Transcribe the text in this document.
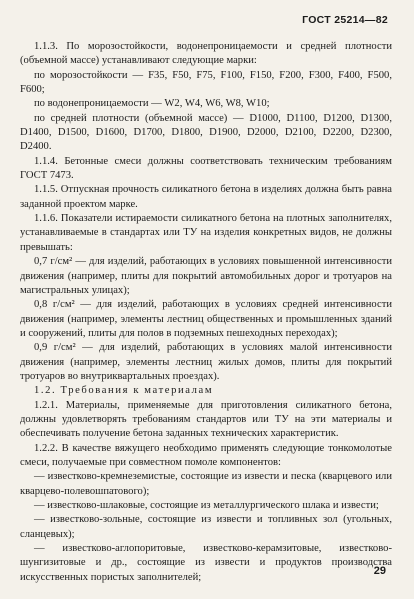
ГОСТ 25214—82

1.1.3. По морозостойкости, водонепроницаемости и средней плотности (объемной массе) устанавливают следующие марки:

по морозостойкости — F35, F50, F75, F100, F150, F200, F300, F400, F500, F600;

по водонепроницаемости — W2, W4, W6, W8, W10;

по средней плотности (объемной массе) — D1000, D1100, D1200, D1300, D1400, D1500, D1600, D1700, D1800, D1900, D2000, D2100, D2200, D2300, D2400.

1.1.4. Бетонные смеси должны соответствовать техническим требованиям ГОСТ 7473.

1.1.5. Отпускная прочность силикатного бетона в изделиях должна быть равна заданной проектом марке.

1.1.6. Показатели истираемости силикатного бетона на плотных заполнителях, устанавливаемые в стандартах или ТУ на изделия конкретных видов, не должны превышать:

0,7 г/см² — для изделий, работающих в условиях повышенной интенсивности движения (например, плиты для покрытий автомобильных дорог и тротуаров на магистральных улицах);

0,8 г/см² — для изделий, работающих в условиях средней интенсивности движения (например, элементы лестниц общественных и промышленных зданий и сооружений, плиты для полов в подземных пешеходных переходах);

0,9 г/см² — для изделий, работающих в условиях малой интенсивности движения (например, элементы лестниц жилых домов, плиты для покрытий тротуаров во внутриквартальных проездах).

1.2. Требования к материалам

1.2.1. Материалы, применяемые для приготовления силикатного бетона, должны удовлетворять требованиям стандартов или ТУ на эти материалы и обеспечивать получение бетона заданных технических характеристик.

1.2.2. В качестве вяжущего необходимо применять следующие тонкомолотые смеси, получаемые при совместном помоле компонентов:

— известково-кремнеземистые, состоящие из извести и песка (кварцевого или кварцево-полевошпатового);

— известково-шлаковые, состоящие из металлургического шлака и извести;

— известково-зольные, состоящие из извести и топливных зол (угольных, сланцевых);

— известково-аглопоритовые, известково-керамзитовые, известково-шунгизитовые и др., состоящие из извести и продуктов производства искусственных пористых заполнителей;

29
